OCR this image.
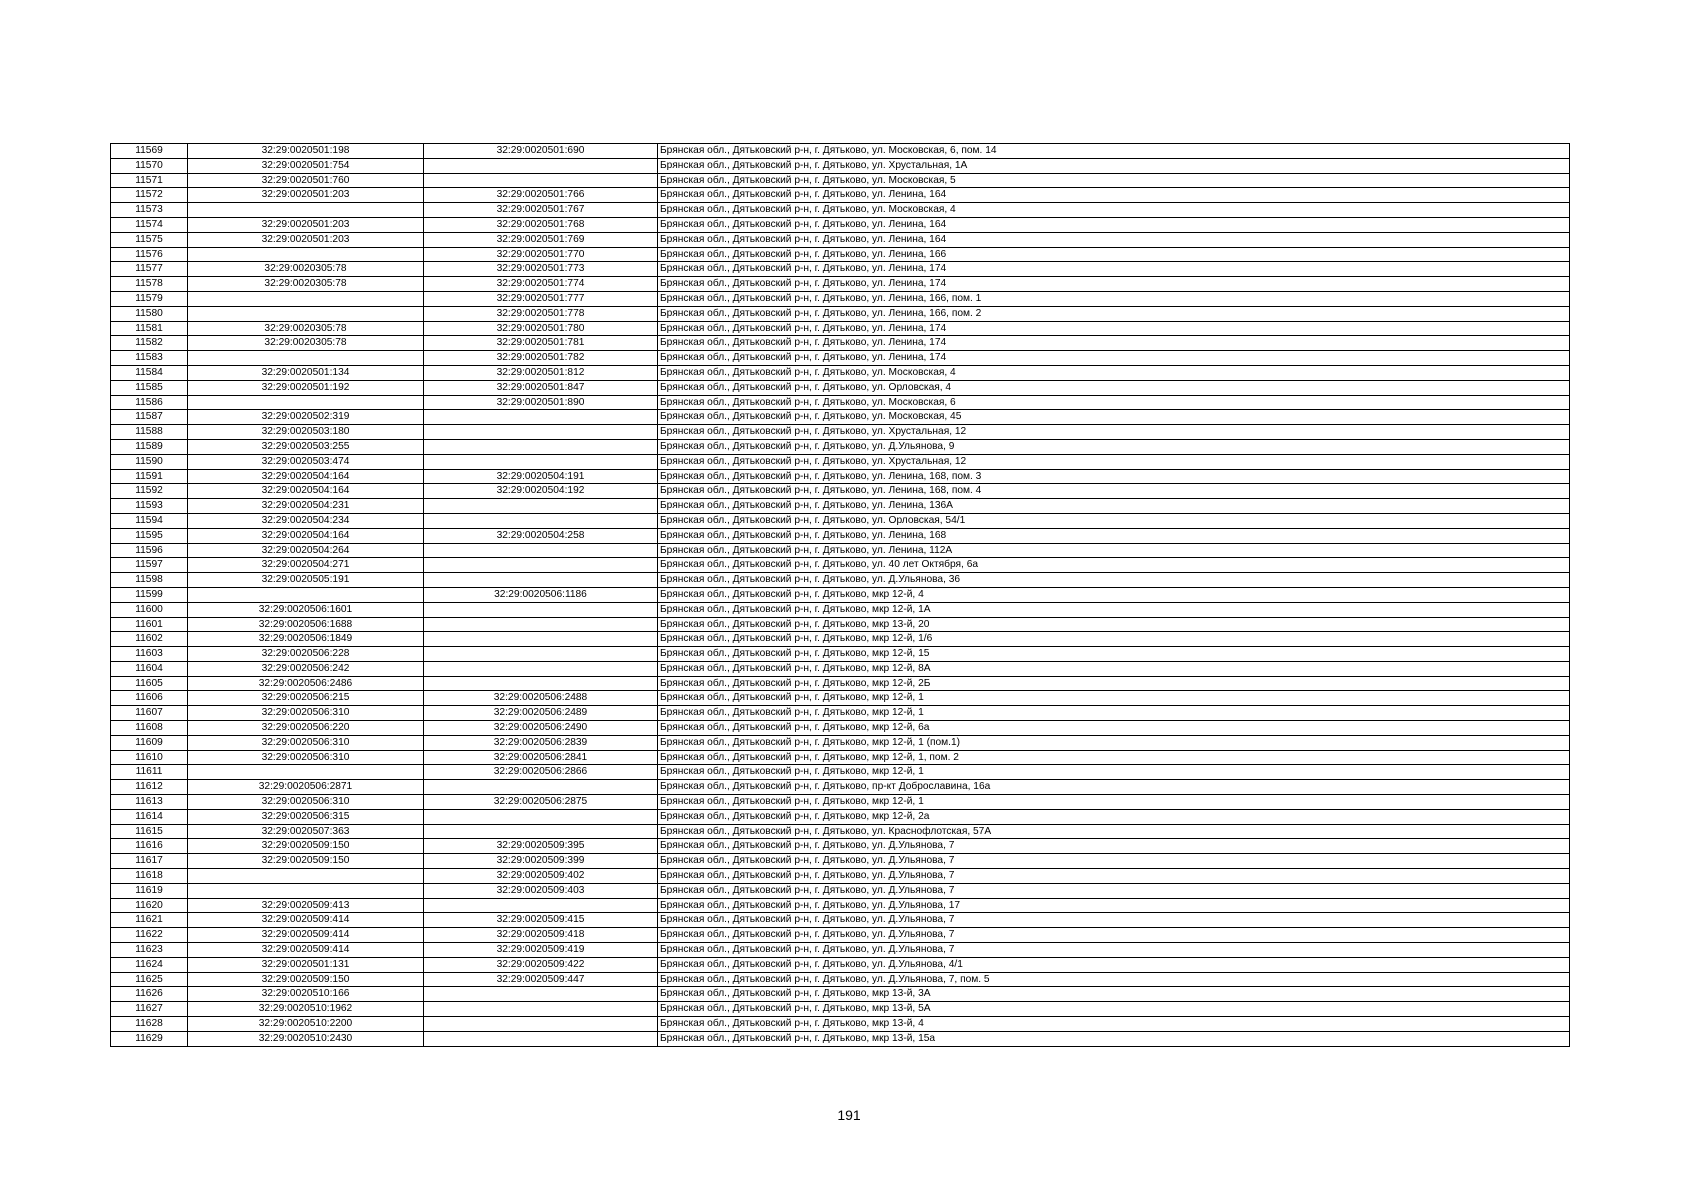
11569	32:29:0020501:198	32:29:0020501:690	Брянская обл., Дятьковский р-н, г. Дятьково, ул. Московская, 6, пом. 14
11570	32:29:0020501:754		Брянская обл., Дятьковский р-н, г. Дятьково, ул. Хрустальная, 1А
11571	32:29:0020501:760		Брянская обл., Дятьковский р-н, г. Дятьково, ул. Московская, 5
11572	32:29:0020501:203	32:29:0020501:766	Брянская обл., Дятьковский р-н, г. Дятьково, ул. Ленина, 164
11573		32:29:0020501:767	Брянская обл., Дятьковский р-н, г. Дятьково, ул. Московская, 4
11574	32:29:0020501:203	32:29:0020501:768	Брянская обл., Дятьковский р-н, г. Дятьково, ул. Ленина, 164
11575	32:29:0020501:203	32:29:0020501:769	Брянская обл., Дятьковский р-н, г. Дятьково, ул. Ленина, 164
11576		32:29:0020501:770	Брянская обл., Дятьковский р-н, г. Дятьково, ул. Ленина, 166
11577	32:29:0020305:78	32:29:0020501:773	Брянская обл., Дятьковский р-н, г. Дятьково, ул. Ленина, 174
11578	32:29:0020305:78	32:29:0020501:774	Брянская обл., Дятьковский р-н, г. Дятьково, ул. Ленина, 174
11579		32:29:0020501:777	Брянская обл., Дятьковский р-н, г. Дятьково, ул. Ленина, 166, пом. 1
11580		32:29:0020501:778	Брянская обл., Дятьковский р-н, г. Дятьково, ул. Ленина, 166, пом. 2
11581	32:29:0020305:78	32:29:0020501:780	Брянская обл., Дятьковский р-н, г. Дятьково, ул. Ленина, 174
11582	32:29:0020305:78	32:29:0020501:781	Брянская обл., Дятьковский р-н, г. Дятьково, ул. Ленина, 174
11583		32:29:0020501:782	Брянская обл., Дятьковский р-н, г. Дятьково, ул. Ленина, 174
11584	32:29:0020501:134	32:29:0020501:812	Брянская обл., Дятьковский р-н, г. Дятьково, ул. Московская, 4
11585	32:29:0020501:192	32:29:0020501:847	Брянская обл., Дятьковский р-н, г. Дятьково, ул. Орловская, 4
11586		32:29:0020501:890	Брянская обл., Дятьковский р-н, г. Дятьково, ул. Московская, 6
11587	32:29:0020502:319		Брянская обл., Дятьковский р-н, г. Дятьково, ул. Московская, 45
11588	32:29:0020503:180		Брянская обл., Дятьковский р-н, г. Дятьково, ул. Хрустальная, 12
11589	32:29:0020503:255		Брянская обл., Дятьковский р-н, г. Дятьково, ул. Д.Ульянова, 9
11590	32:29:0020503:474		Брянская обл., Дятьковский р-н, г. Дятьково, ул. Хрустальная, 12
11591	32:29:0020504:164	32:29:0020504:191	Брянская обл., Дятьковский р-н, г. Дятьково, ул. Ленина, 168, пом. 3
11592	32:29:0020504:164	32:29:0020504:192	Брянская обл., Дятьковский р-н, г. Дятьково, ул. Ленина, 168, пом. 4
11593	32:29:0020504:231		Брянская обл., Дятьковский р-н, г. Дятьково, ул. Ленина, 136А
11594	32:29:0020504:234		Брянская обл., Дятьковский р-н, г. Дятьково, ул. Орловская, 54/1
11595	32:29:0020504:164	32:29:0020504:258	Брянская обл., Дятьковский р-н, г. Дятьково, ул. Ленина, 168
11596	32:29:0020504:264		Брянская обл., Дятьковский р-н, г. Дятьково, ул. Ленина, 112А
11597	32:29:0020504:271		Брянская обл., Дятьковский р-н, г. Дятьково, ул. 40 лет Октября, 6а
11598	32:29:0020505:191		Брянская обл., Дятьковский р-н, г. Дятьково, ул. Д.Ульянова, 36
11599		32:29:0020506:1186	Брянская обл., Дятьковский р-н, г. Дятьково, мкр 12-й, 4
11600	32:29:0020506:1601		Брянская обл., Дятьковский р-н, г. Дятьково, мкр 12-й, 1А
11601	32:29:0020506:1688		Брянская обл., Дятьковский р-н, г. Дятьково, мкр 13-й, 20
11602	32:29:0020506:1849		Брянская обл., Дятьковский р-н, г. Дятьково, мкр 12-й, 1/6
11603	32:29:0020506:228		Брянская обл., Дятьковский р-н, г. Дятьково, мкр 12-й, 15
11604	32:29:0020506:242		Брянская обл., Дятьковский р-н, г. Дятьково, мкр 12-й, 8А
11605	32:29:0020506:2486		Брянская обл., Дятьковский р-н, г. Дятьково, мкр 12-й, 2Б
11606	32:29:0020506:215	32:29:0020506:2488	Брянская обл., Дятьковский р-н, г. Дятьково, мкр 12-й, 1
11607	32:29:0020506:310	32:29:0020506:2489	Брянская обл., Дятьковский р-н, г. Дятьково, мкр 12-й, 1
11608	32:29:0020506:220	32:29:0020506:2490	Брянская обл., Дятьковский р-н, г. Дятьково, мкр 12-й, 6а
11609	32:29:0020506:310	32:29:0020506:2839	Брянская обл., Дятьковский р-н, г. Дятьково, мкр 12-й, 1 (пом.1)
11610	32:29:0020506:310	32:29:0020506:2841	Брянская обл., Дятьковский р-н, г. Дятьково, мкр 12-й, 1, пом. 2
11611		32:29:0020506:2866	Брянская обл., Дятьковский р-н, г. Дятьково, мкр 12-й, 1
11612	32:29:0020506:2871		Брянская обл., Дятьковский р-н, г. Дятьково, пр-кт Доброславина, 16а
11613	32:29:0020506:310	32:29:0020506:2875	Брянская обл., Дятьковский р-н, г. Дятьково, мкр 12-й, 1
11614	32:29:0020506:315		Брянская обл., Дятьковский р-н, г. Дятьково, мкр 12-й, 2а
11615	32:29:0020507:363		Брянская обл., Дятьковский р-н, г. Дятьково, ул. Краснофлотская, 57А
11616	32:29:0020509:150	32:29:0020509:395	Брянская обл., Дятьковский р-н, г. Дятьково, ул. Д.Ульянова, 7
11617	32:29:0020509:150	32:29:0020509:399	Брянская обл., Дятьковский р-н, г. Дятьково, ул. Д.Ульянова, 7
11618		32:29:0020509:402	Брянская обл., Дятьковский р-н, г. Дятьково, ул. Д.Ульянова, 7
11619		32:29:0020509:403	Брянская обл., Дятьковский р-н, г. Дятьково, ул. Д.Ульянова, 7
11620	32:29:0020509:413		Брянская обл., Дятьковский р-н, г. Дятьково, ул. Д.Ульянова, 17
11621	32:29:0020509:414	32:29:0020509:415	Брянская обл., Дятьковский р-н, г. Дятьково, ул. Д.Ульянова, 7
11622	32:29:0020509:414	32:29:0020509:418	Брянская обл., Дятьковский р-н, г. Дятьково, ул. Д.Ульянова, 7
11623	32:29:0020509:414	32:29:0020509:419	Брянская обл., Дятьковский р-н, г. Дятьково, ул. Д.Ульянова, 7
11624	32:29:0020501:131	32:29:0020509:422	Брянская обл., Дятьковский р-н, г. Дятьково, ул. Д.Ульянова, 4/1
11625	32:29:0020509:150	32:29:0020509:447	Брянская обл., Дятьковский р-н, г. Дятьково, ул. Д.Ульянова, 7, пом. 5
11626	32:29:0020510:166		Брянская обл., Дятьковский р-н, г. Дятьково, мкр 13-й, 3А
11627	32:29:0020510:1962		Брянская обл., Дятьковский р-н, г. Дятьково, мкр 13-й, 5А
11628	32:29:0020510:2200		Брянская обл., Дятьковский р-н, г. Дятьково, мкр 13-й, 4
11629	32:29:0020510:2430		Брянская обл., Дятьковский р-н, г. Дятьково, мкр 13-й, 15а
191
